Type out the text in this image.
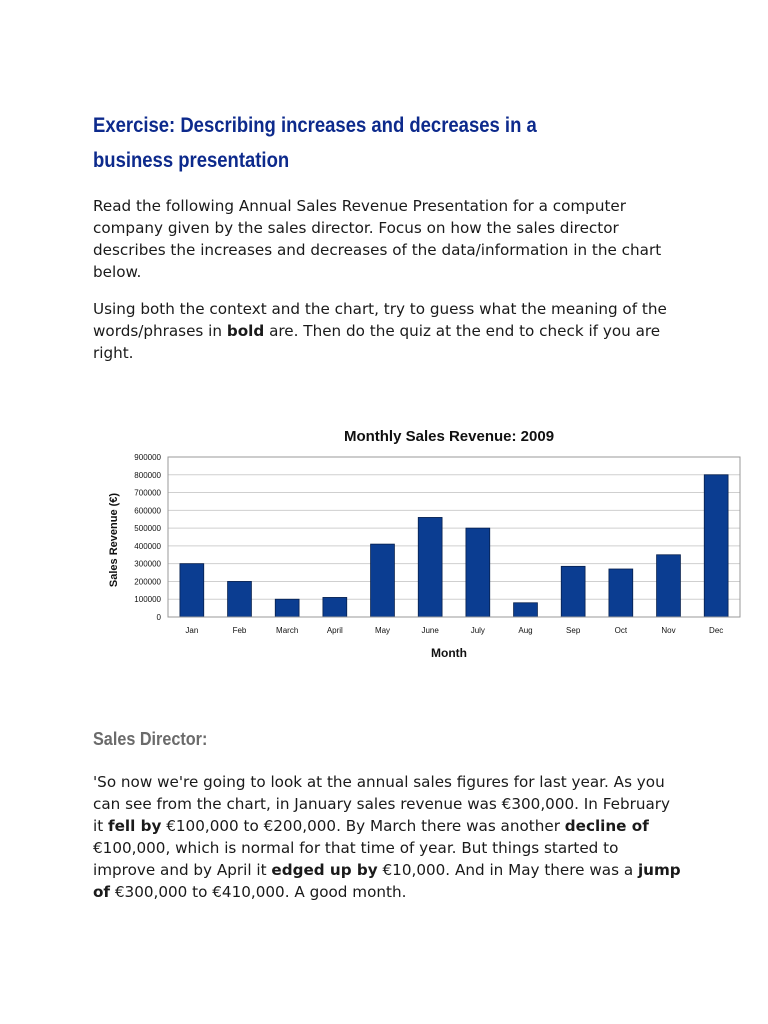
Exercise: Describing increases and decreases in a business presentation

Read the following Annual Sales Revenue Presentation for a computer company given by the sales director. Focus on how the sales director describes the increases and decreases of the data/information in the chart below.

Using both the context and the chart, try to guess what the meaning of the words/phrases in bold are. Then do the quiz at the end to check if you are right.

Sales Director:

'So now we're going to look at the annual sales figures for last year. As you can see from the chart, in January sales revenue was €300,000. In February it fell by €100,000 to €200,000. By March there was another decline of €100,000, which is normal for that time of year. But things started to improve and by April it edged up by €10,000. And in May there was a jump of €300,000 to €410,000. A good month.

0
100000
200000
300000
400000
500000
600000
700000
800000
900000
Jan	Feb	March	April	May	June	July	Aug	Sep	Oct	Nov	Dec
Monthly Sales Revenue: 2009
Month
Sales Revenue (€)
